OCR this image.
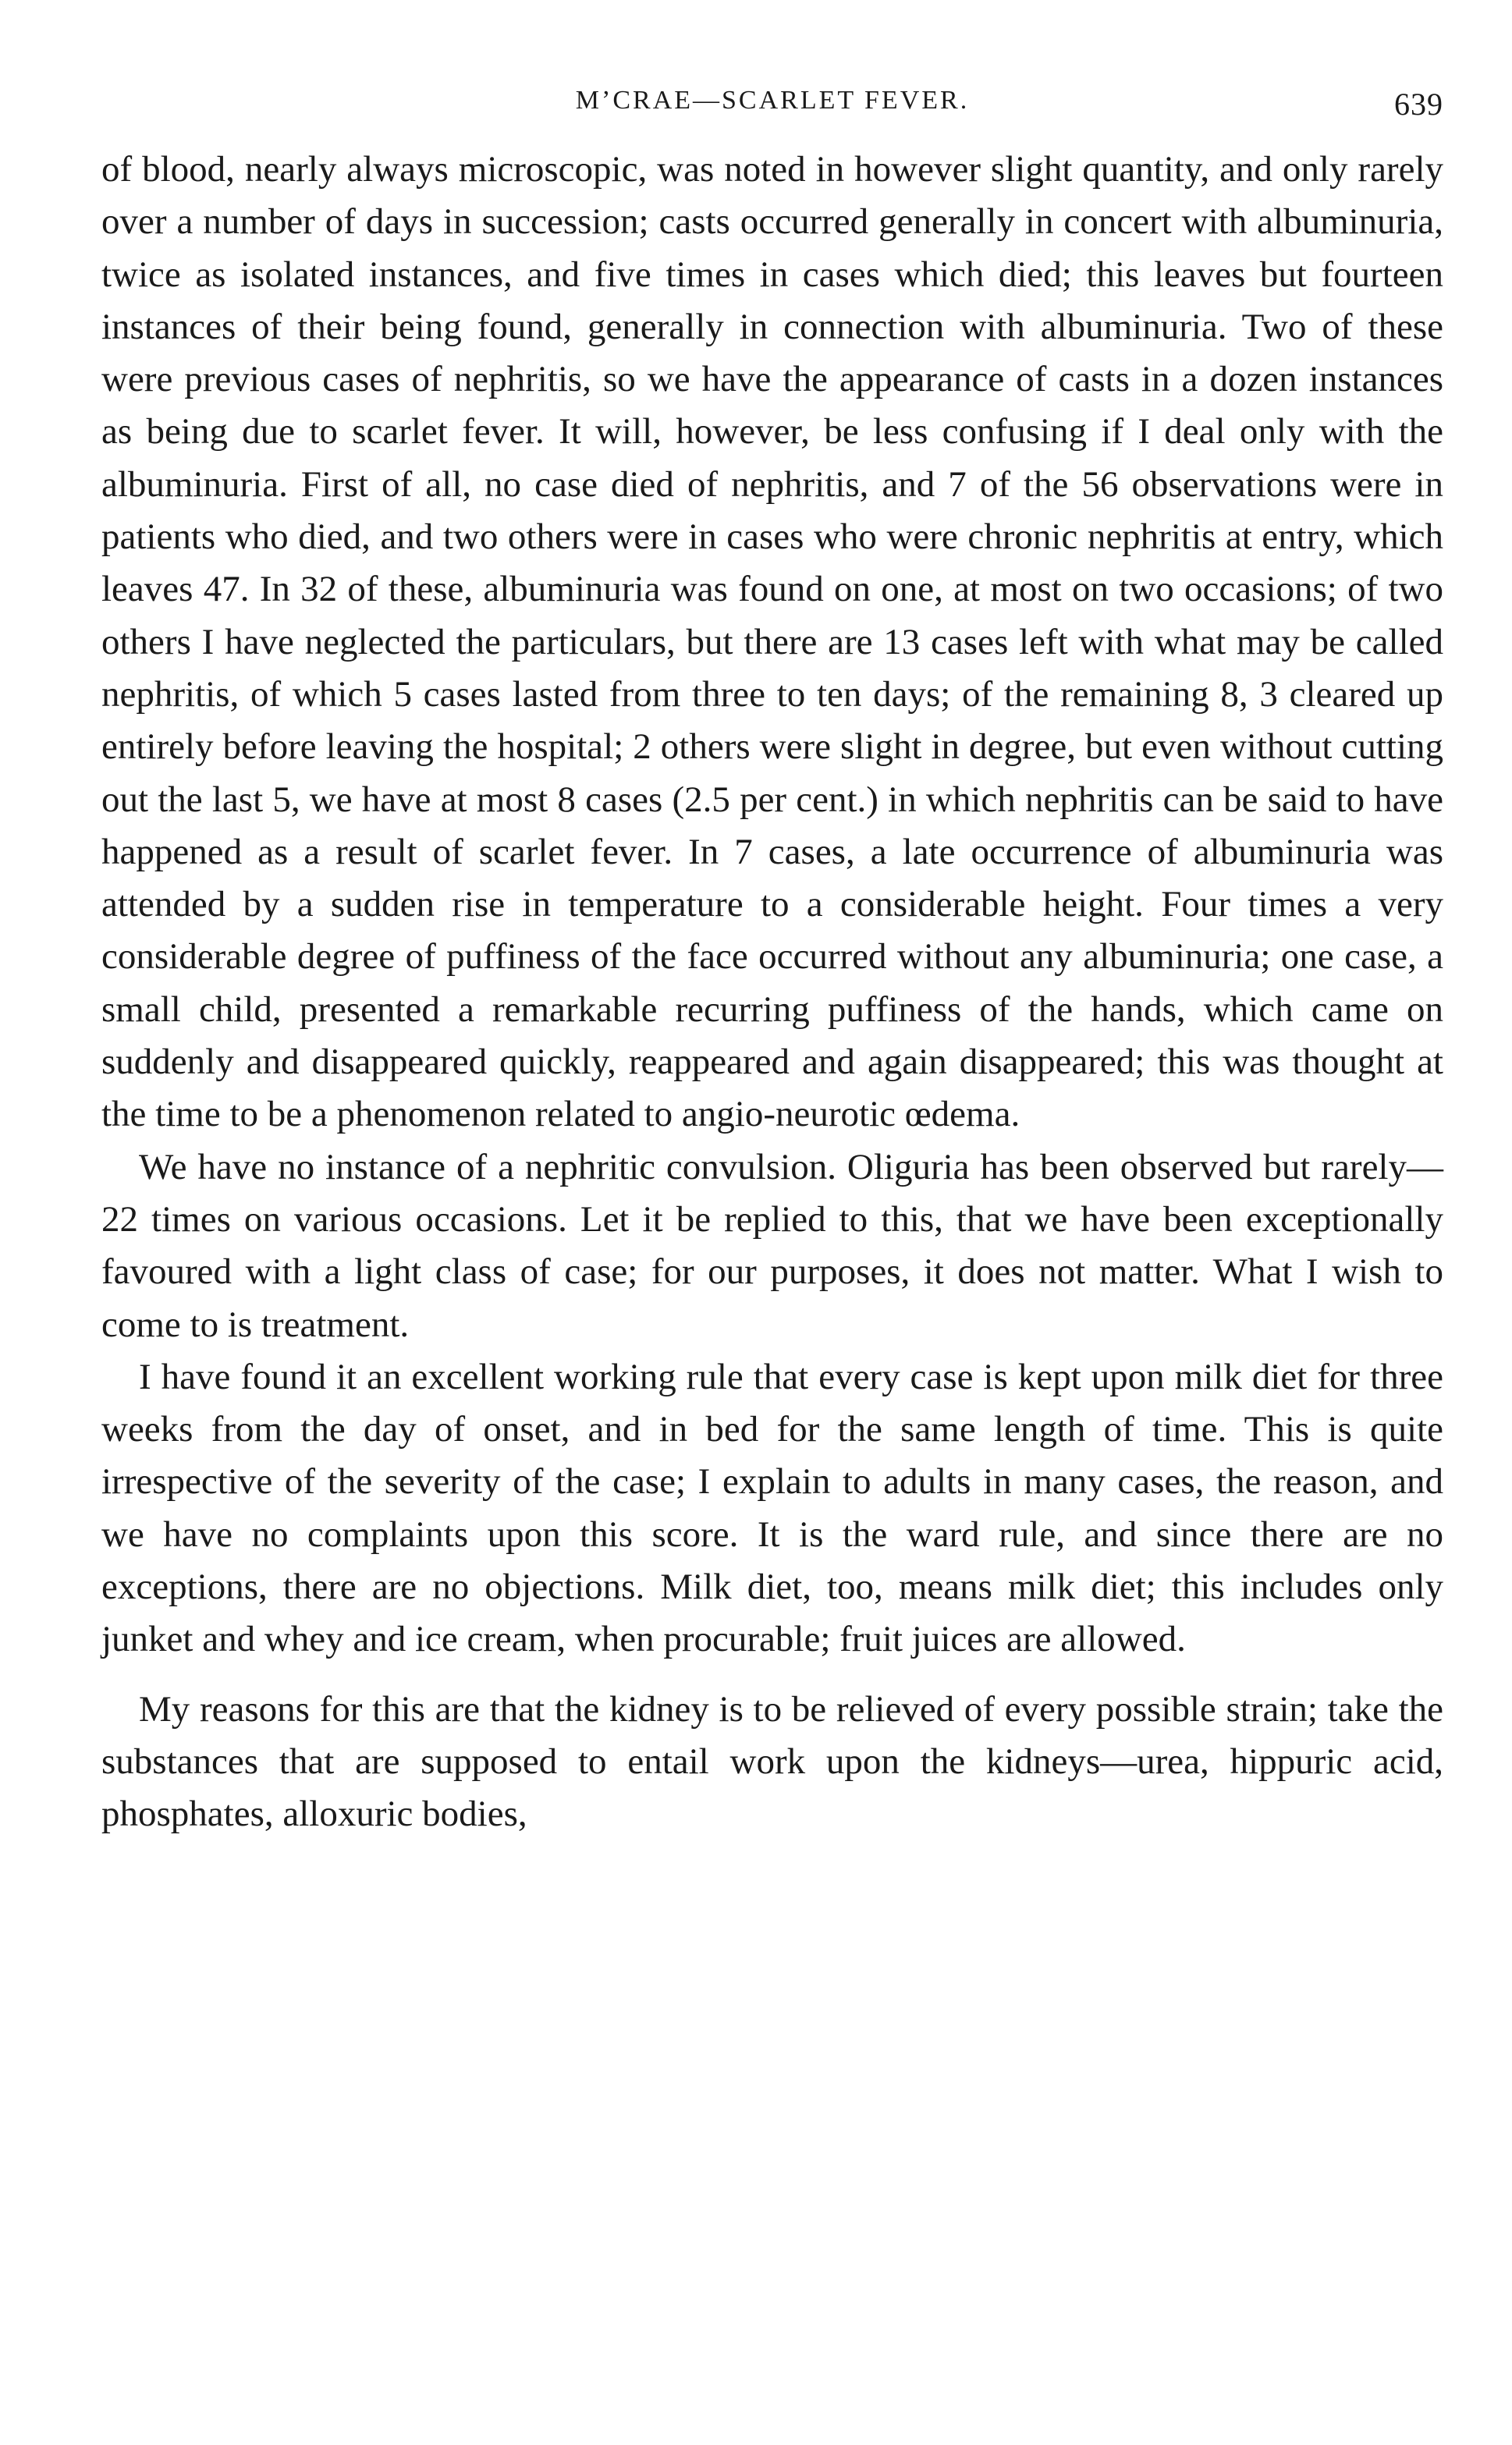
M’CRAE—SCARLET FEVER.	639

of blood, nearly always microscopic, was noted in however slight quantity, and only rarely over a number of days in succession; casts occurred generally in concert with albuminuria, twice as isolated instances, and five times in cases which died; this leaves but fourteen instances of their being found, generally in connection with albuminuria. Two of these were previous cases of nephritis, so we have the appearance of casts in a dozen instances as being due to scarlet fever. It will, however, be less confusing if I deal only with the albuminuria. First of all, no case died of nephritis, and 7 of the 56 observations were in patients who died, and two others were in cases who were chronic nephritis at entry, which leaves 47. In 32 of these, albuminuria was found on one, at most on two occasions; of two others I have neglected the particulars, but there are 13 cases left with what may be called nephritis, of which 5 cases lasted from three to ten days; of the remaining 8, 3 cleared up entirely before leaving the hospital; 2 others were slight in degree, but even without cutting out the last 5, we have at most 8 cases (2.5 per cent.) in which nephritis can be said to have happened as a result of scarlet fever. In 7 cases, a late occurrence of albuminuria was attended by a sudden rise in temperature to a considerable height. Four times a very considerable degree of puffiness of the face occurred without any albuminuria; one case, a small child, presented a remarkable recurring puffiness of the hands, which came on suddenly and disappeared quickly, reappeared and again disappeared; this was thought at the time to be a phenomenon related to angio-neurotic œdema.

We have no instance of a nephritic convulsion. Oliguria has been observed but rarely—22 times on various occasions. Let it be replied to this, that we have been exceptionally favoured with a light class of case; for our purposes, it does not matter. What I wish to come to is treatment.

I have found it an excellent working rule that every case is kept upon milk diet for three weeks from the day of onset, and in bed for the same length of time. This is quite irrespective of the severity of the case; I explain to adults in many cases, the reason, and we have no complaints upon this score. It is the ward rule, and since there are no exceptions, there are no objections. Milk diet, too, means milk diet; this includes only junket and whey and ice cream, when procurable; fruit juices are allowed.

My reasons for this are that the kidney is to be relieved of every possible strain; take the substances that are supposed to entail work upon the kidneys—urea, hippuric acid, phosphates, alloxuric bodies,
